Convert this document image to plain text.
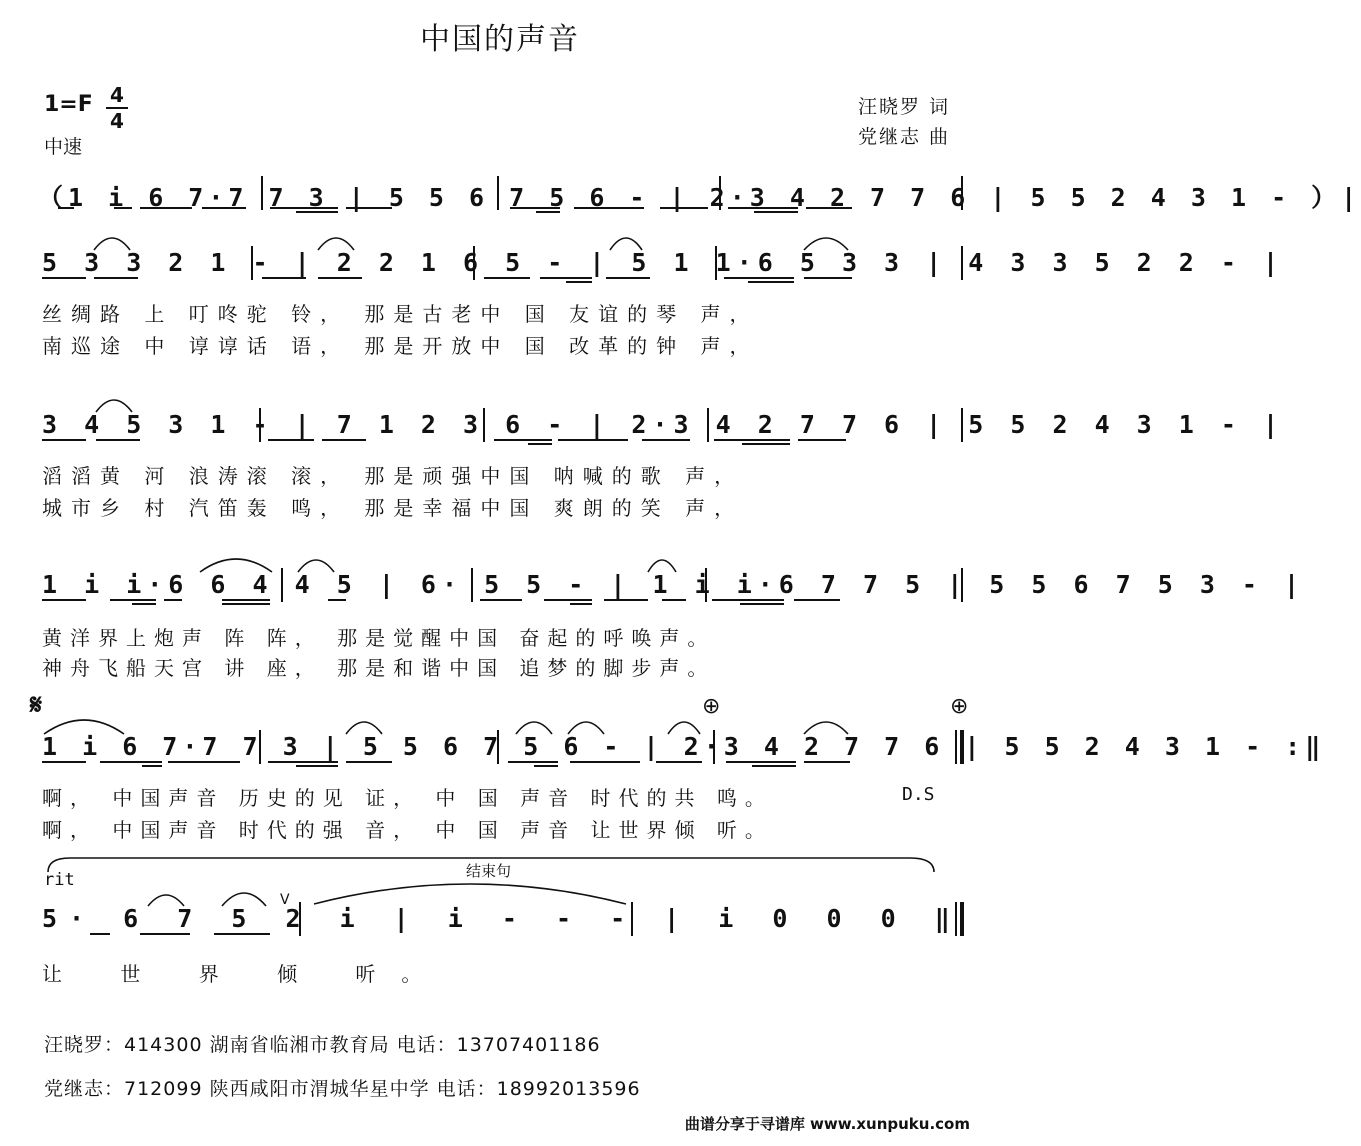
中国的声音
1=F 4
4
中速
汪晓罗 词
党继志 曲
（1 i 6 7·7 7 3 | 5 5 6 7 5 6 - | 2·3 4 2 7 7 6 | 5 5 2 4 3 1 - ）|
5 3 3 2 1 - | 2 2 1 6 5 - | 5 1 1·6 5 3 3 | 4 3 3 5 2 2 - |
丝绸路 上 叮咚驼 铃， 那是古老中 国 友谊的琴 声，
南巡途 中 谆谆话 语， 那是开放中 国 改革的钟 声，
3 4 5 3 1 - | 7 1 2 3 6 - | 2·3 4 2 7 7 6 | 5 5 2 4 3 1 - |
滔滔黄 河 浪涛滚 滚， 那是顽强中国 呐喊的歌 声，
城市乡 村 汽笛轰 鸣， 那是幸福中国 爽朗的笑 声，
1 i i·6 6 4 4 5 | 6· 5 5 - | 1 i i·6 7 7 5 | 5 5 6 7 5 3 - |
黄洋界上炮声 阵 阵， 那是觉醒中国 奋起的呼唤声。
神舟飞船天宫 讲 座， 那是和谐中国 追梦的脚步声。
𝄋	⊕	⊕
1 i 6 7·7 7 3 | 5 5 6 7 5 6 - | 2·3 4 2 7 7 6 | 5 5 2 4 3 1 - :‖
啊， 中国声音 历史的见 证， 中 国 声音 时代的共 鸣。	D.S
啊， 中国声音 时代的强 音， 中 国 声音 让世界倾 听。
rit	结束句
V
5· 6 7 5 2 i | i - - - | i 0 0 0 ‖
让 世 界 倾 听。
汪晓罗：414300 湖南省临湘市教育局 电话：13707401186
党继志：712099 陕西咸阳市渭城华星中学 电话：18992013596
曲谱分享于寻谱库 www.xunpuku.com
